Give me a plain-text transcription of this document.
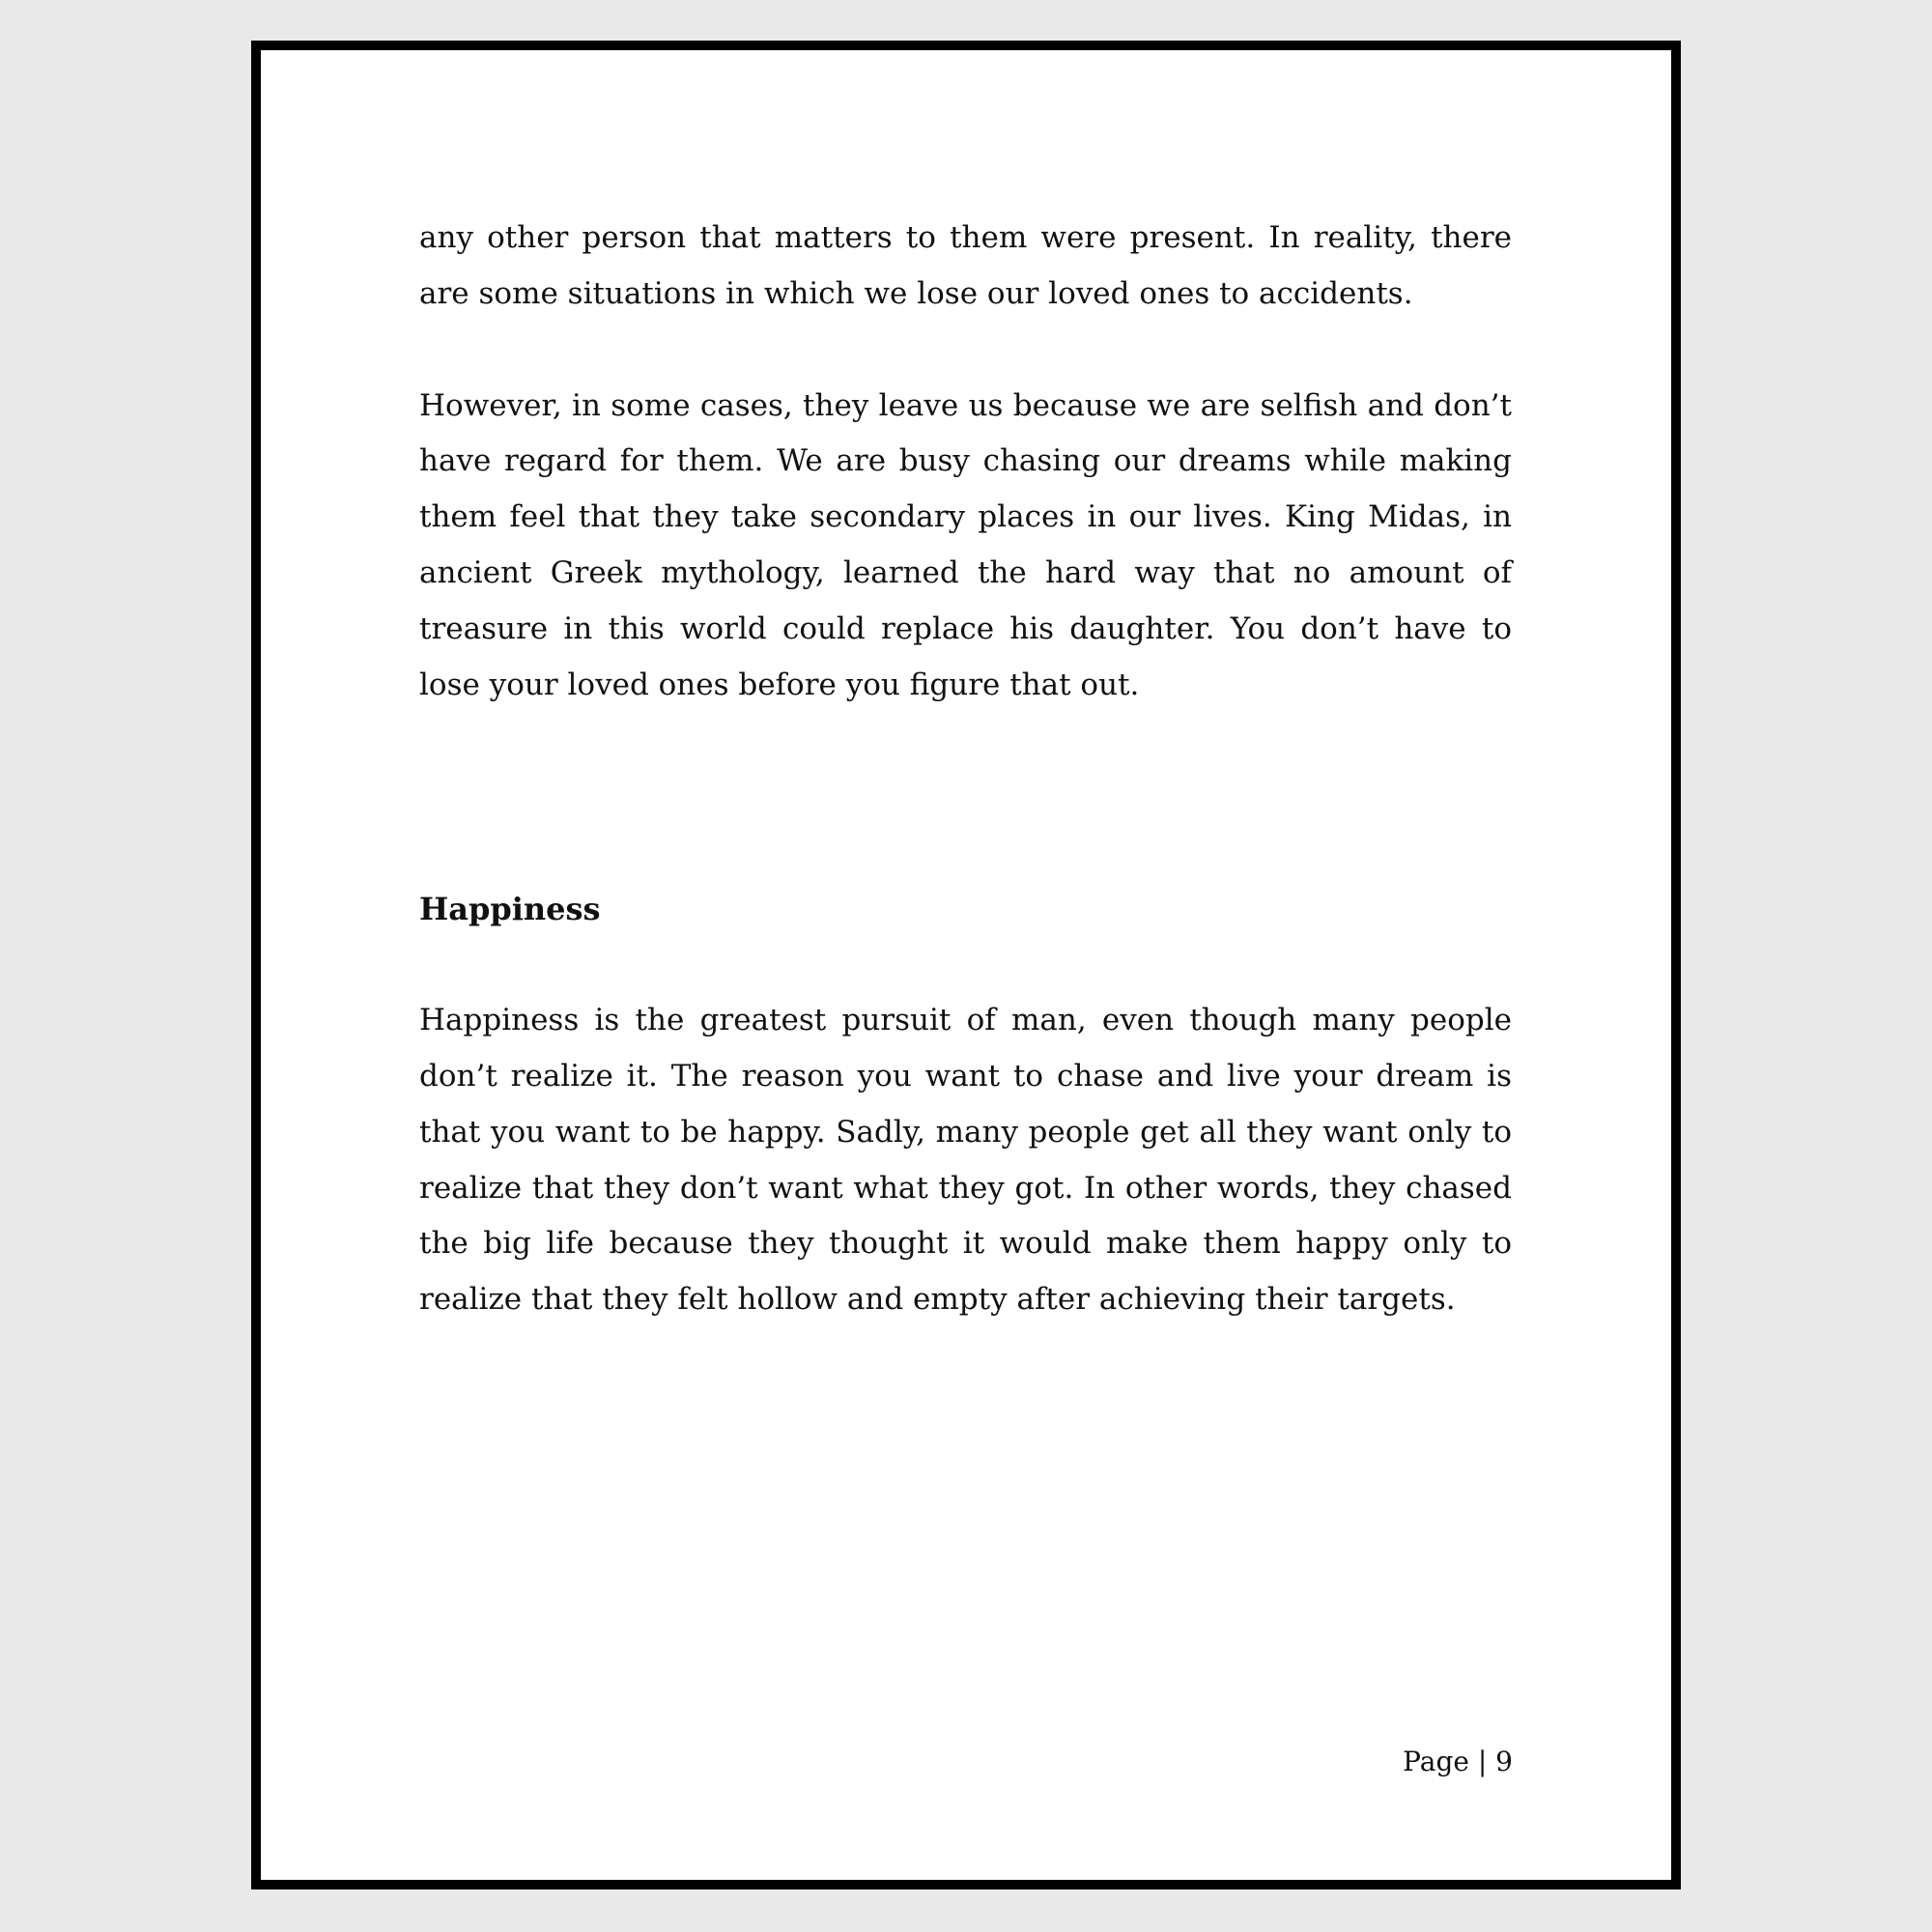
any other person that matters to them were present. In reality, there are some situations in which we lose our loved ones to accidents.

However, in some cases, they leave us because we are selfish and don’t have regard for them. We are busy chasing our dreams while making them feel that they take secondary places in our lives. King Midas, in ancient Greek mythology, learned the hard way that no amount of treasure in this world could replace his daughter. You don’t have to lose your loved ones before you figure that out.

Happiness

Happiness is the greatest pursuit of man, even though many people don’t realize it. The reason you want to chase and live your dream is that you want to be happy. Sadly, many people get all they want only to realize that they don’t want what they got. In other words, they chased the big life because they thought it would make them happy only to realize that they felt hollow and empty after achieving their targets.

Page | 9
